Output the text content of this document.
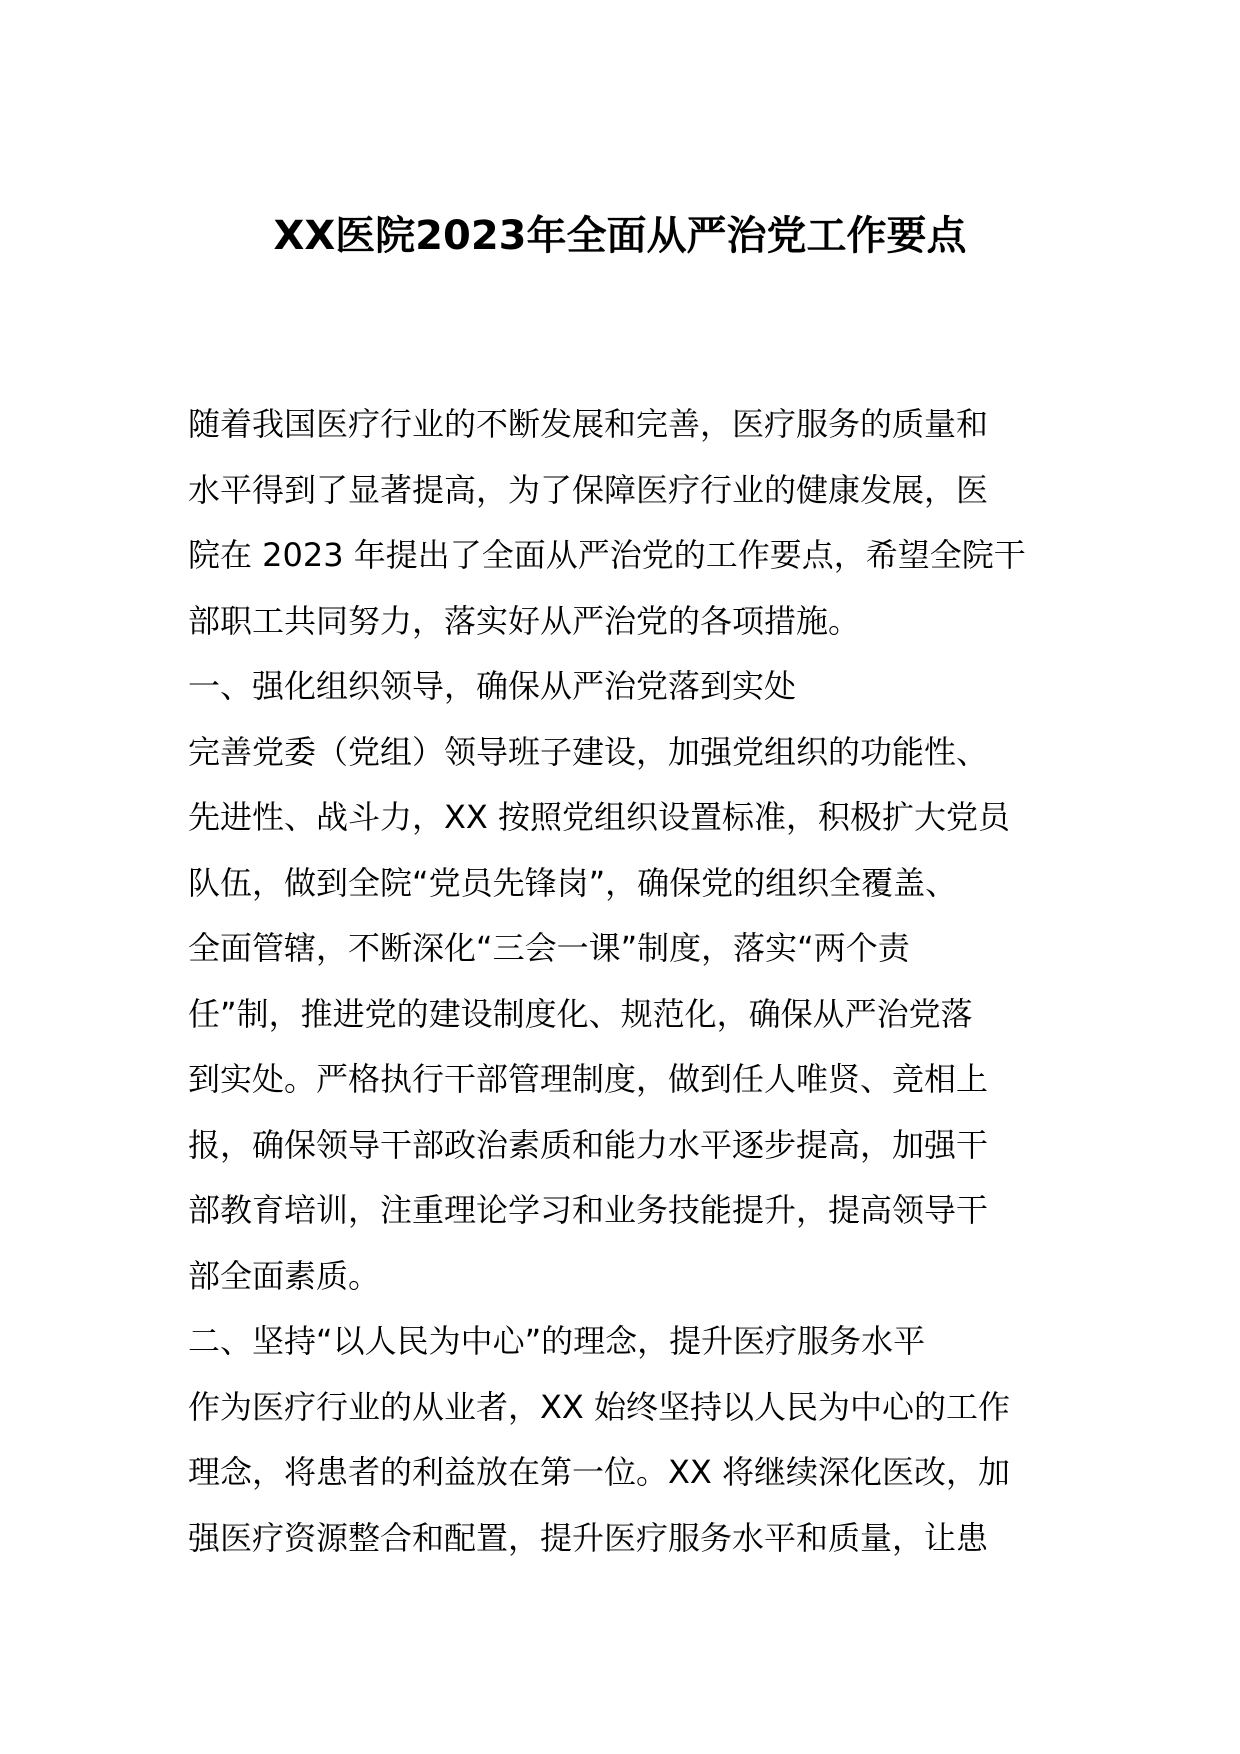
XX医院2023年全面从严治党工作要点
随着我国医疗行业的不断发展和完善，医疗服务的质量和
水平得到了显著提高，为了保障医疗行业的健康发展，医
院在 2023 年提出了全面从严治党的工作要点，希望全院干
部职工共同努力，落实好从严治党的各项措施。
一、强化组织领导，确保从严治党落到实处
完善党委（党组）领导班子建设，加强党组织的功能性、
先进性、战斗力，XX 按照党组织设置标准，积极扩大党员
队伍，做到全院“党员先锋岗”，确保党的组织全覆盖、
全面管辖，不断深化“三会一课”制度，落实“两个责
任”制，推进党的建设制度化、规范化，确保从严治党落
到实处。严格执行干部管理制度，做到任人唯贤、竞相上
报，确保领导干部政治素质和能力水平逐步提高，加强干
部教育培训，注重理论学习和业务技能提升，提高领导干
部全面素质。
二、坚持“以人民为中心”的理念，提升医疗服务水平
作为医疗行业的从业者，XX 始终坚持以人民为中心的工作
理念，将患者的利益放在第一位。XX 将继续深化医改，加
强医疗资源整合和配置，提升医疗服务水平和质量，让患
